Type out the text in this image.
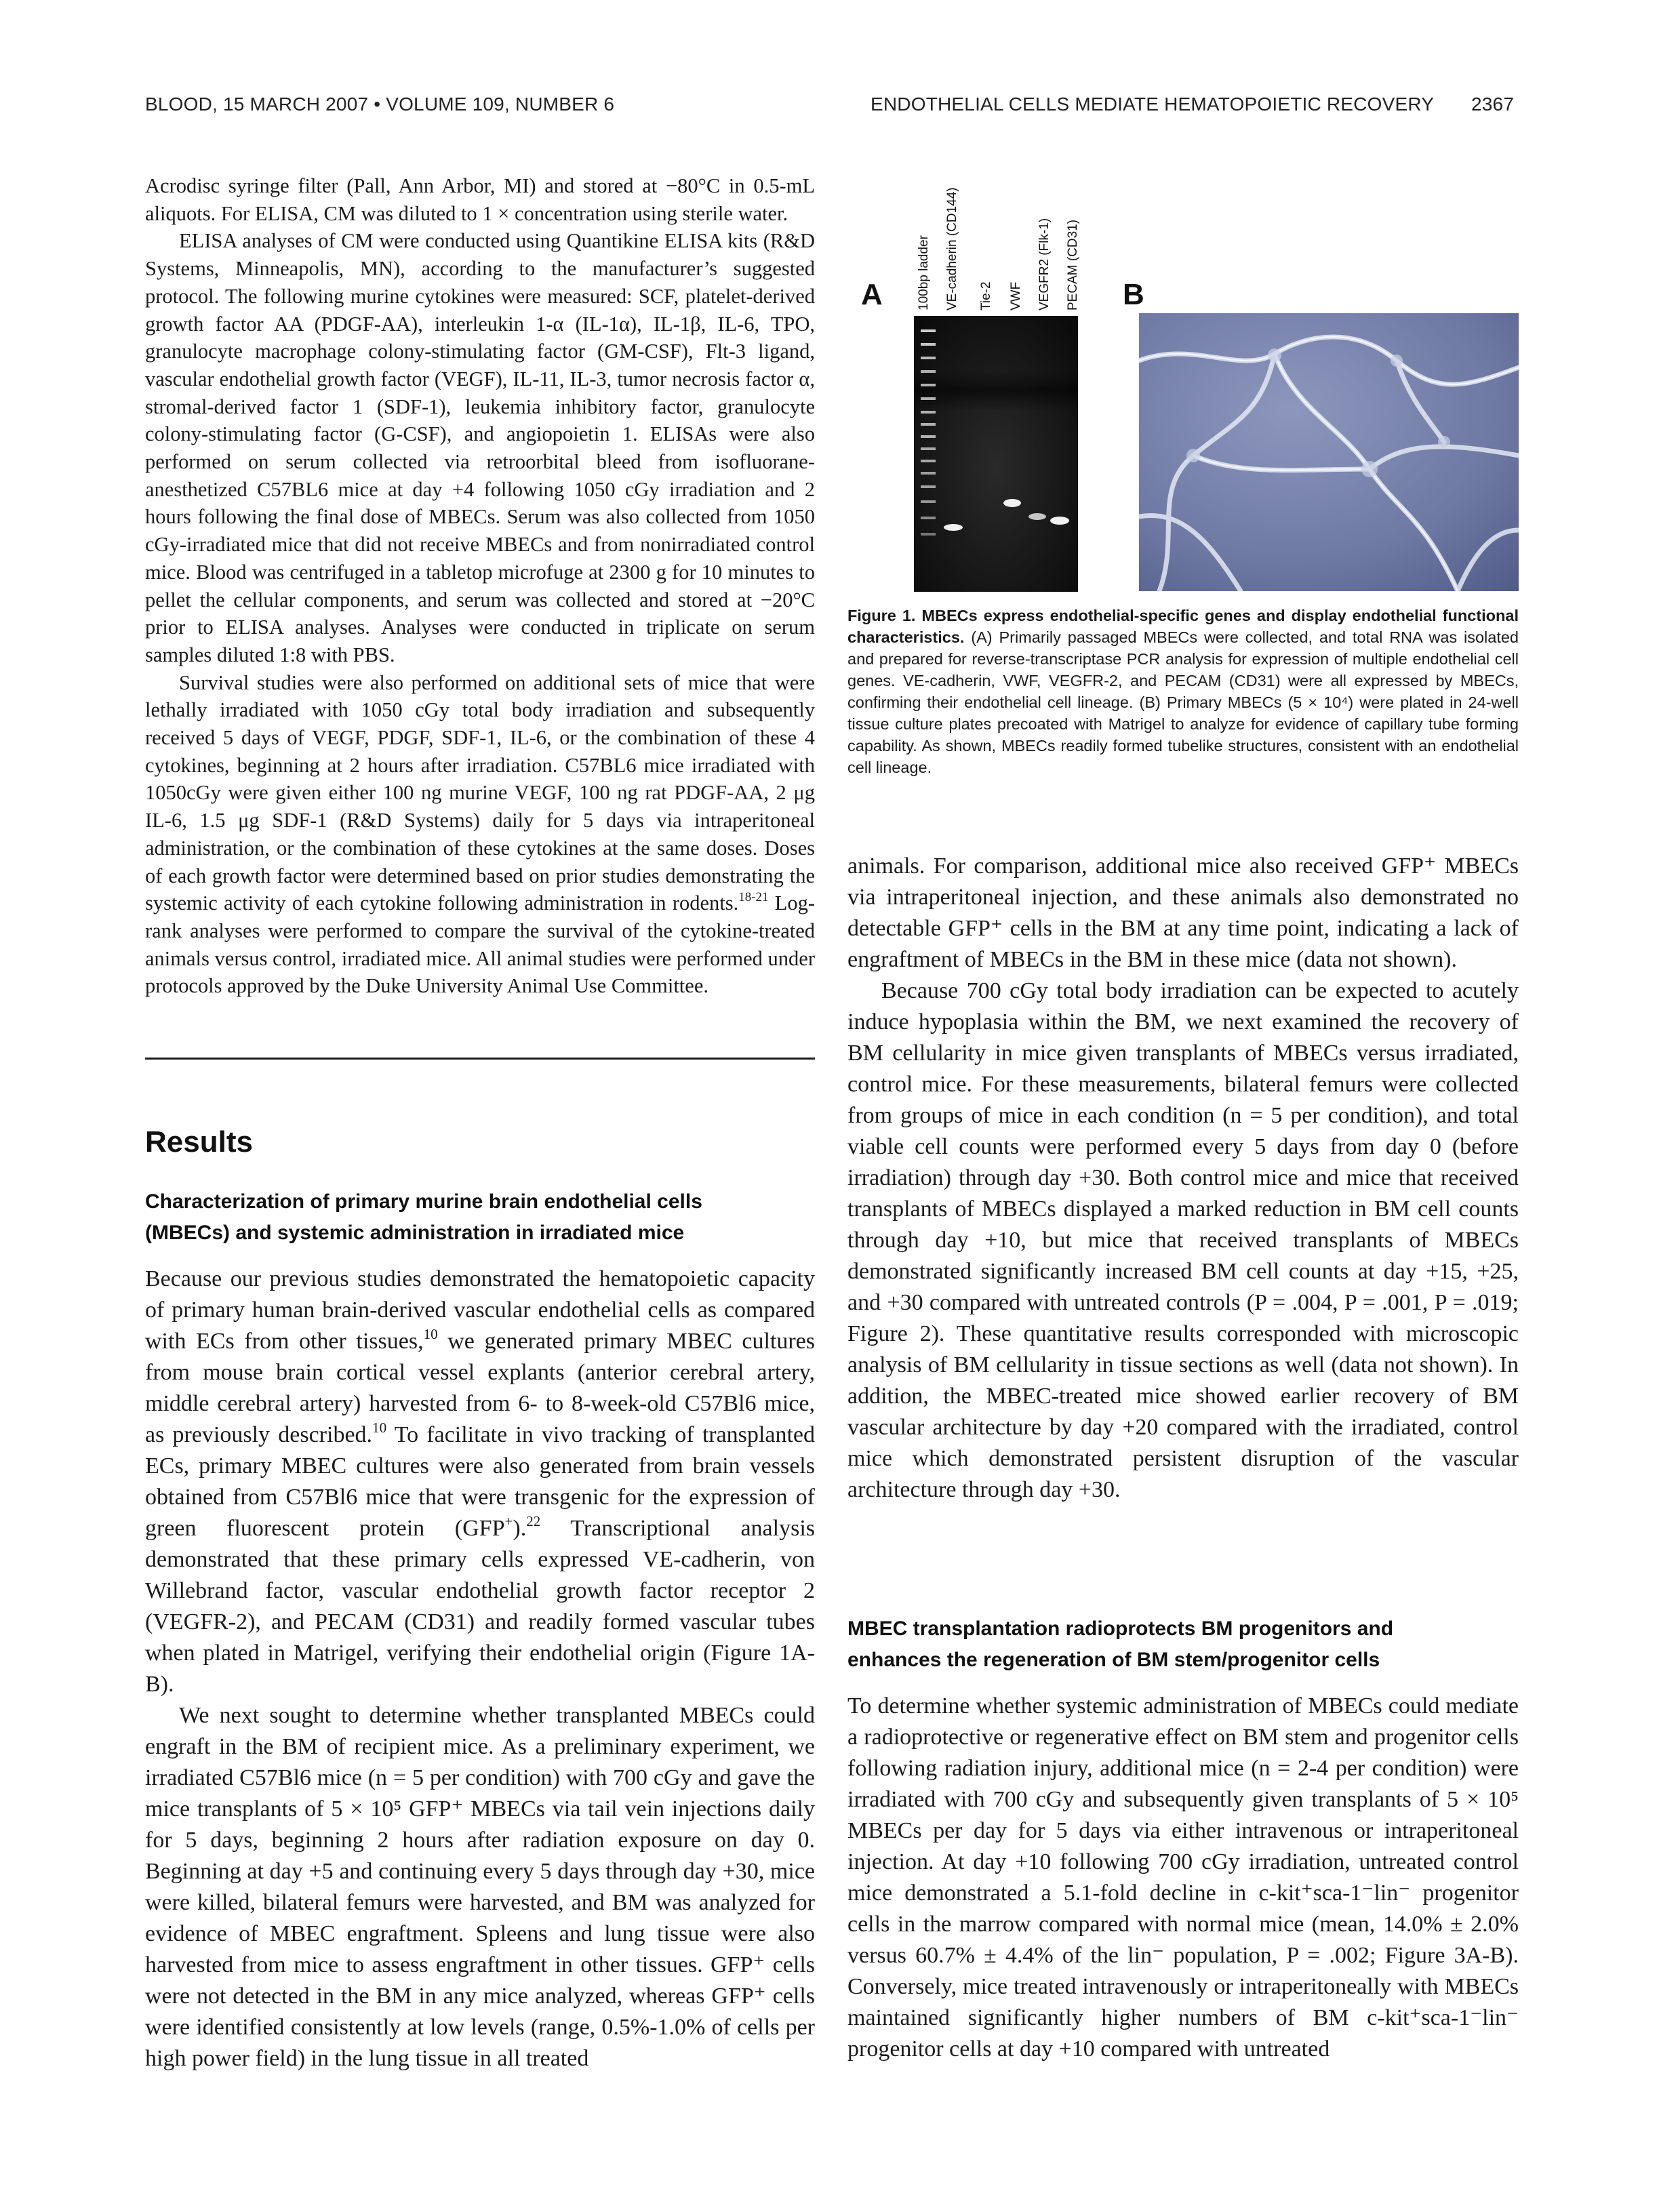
BLOOD, 15 MARCH 2007 • VOLUME 109, NUMBER 6	ENDOTHELIAL CELLS MEDIATE HEMATOPOIETIC RECOVERY 2367

Acrodisc syringe filter (Pall, Ann Arbor, MI) and stored at −80°C in 0.5-mL aliquots. For ELISA, CM was diluted to 1 × concentration using sterile water.

ELISA analyses of CM were conducted using Quantikine ELISA kits (R&D Systems, Minneapolis, MN), according to the manufacturer’s suggested protocol. The following murine cytokines were measured: SCF, platelet-derived growth factor AA (PDGF-AA), interleukin 1-α (IL-1α), IL-1β, IL-6, TPO, granulocyte macrophage colony-stimulating factor (GM-CSF), Flt-3 ligand, vascular endothelial growth factor (VEGF), IL-11, IL-3, tumor necrosis factor α, stromal-derived factor 1 (SDF-1), leukemia inhibitory factor, granulocyte colony-stimulating factor (G-CSF), and angiopoietin 1. ELISAs were also performed on serum collected via retroorbital bleed from isofluorane-anesthetized C57BL6 mice at day +4 following 1050 cGy irradiation and 2 hours following the final dose of MBECs. Serum was also collected from 1050 cGy-irradiated mice that did not receive MBECs and from nonirradiated control mice. Blood was centrifuged in a tabletop microfuge at 2300 g for 10 minutes to pellet the cellular components, and serum was collected and stored at −20°C prior to ELISA analyses. Analyses were conducted in triplicate on serum samples diluted 1:8 with PBS.

Survival studies were also performed on additional sets of mice that were lethally irradiated with 1050 cGy total body irradiation and subsequently received 5 days of VEGF, PDGF, SDF-1, IL-6, or the combination of these 4 cytokines, beginning at 2 hours after irradiation. C57BL6 mice irradiated with 1050cGy were given either 100 ng murine VEGF, 100 ng rat PDGF-AA, 2 μg IL-6, 1.5 μg SDF-1 (R&D Systems) daily for 5 days via intraperitoneal administration, or the combination of these cytokines at the same doses. Doses of each growth factor were determined based on prior studies demonstrating the systemic activity of each cytokine following administration in rodents.$^{18-21}$ Log-rank analyses were performed to compare the survival of the cytokine-treated animals versus control, irradiated mice. All animal studies were performed under protocols approved by the Duke University Animal Use Committee.

Results
Characterization of primary murine brain endothelial cells
(MBECs) and systemic administration in irradiated mice

Because our previous studies demonstrated the hematopoietic capacity of primary human brain-derived vascular endothelial cells as compared with ECs from other tissues,$^{10}$ we generated primary MBEC cultures from mouse brain cortical vessel explants (anterior cerebral artery, middle cerebral artery) harvested from 6- to 8-week-old C57Bl6 mice, as previously described.$^{10}$ To facilitate in vivo tracking of transplanted ECs, primary MBEC cultures were also generated from brain vessels obtained from C57Bl6 mice that were transgenic for the expression of green fluorescent protein (GFP+).$^{22}$ Transcriptional analysis demonstrated that these primary cells expressed VE-cadherin, von Willebrand factor, vascular endothelial growth factor receptor 2 (VEGFR-2), and PECAM (CD31) and readily formed vascular tubes when plated in Matrigel, verifying their endothelial origin (Figure 1A-B).

We next sought to determine whether transplanted MBECs could engraft in the BM of recipient mice. As a preliminary experiment, we irradiated C57Bl6 mice (n = 5 per condition) with 700 cGy and gave the mice transplants of 5 × 10⁵ GFP⁺ MBECs via tail vein injections daily for 5 days, beginning 2 hours after radiation exposure on day 0. Beginning at day +5 and continuing every 5 days through day +30, mice were killed, bilateral femurs were harvested, and BM was analyzed for evidence of MBEC engraftment. Spleens and lung tissue were also harvested from mice to assess engraftment in other tissues. GFP⁺ cells were not detected in the BM in any mice analyzed, whereas GFP⁺ cells were identified consistently at low levels (range, 0.5%-1.0% of cells per high power field) in the lung tissue in all treated

A	B
100bp ladder VE-cadherin (CD144) Tie-2 VWF VEGFR2 (Flk-1) PECAM (CD31)
Figure 1. MBECs express endothelial-specific genes and display endothelial functional characteristics. (A) Primarily passaged MBECs were collected, and total RNA was isolated and prepared for reverse-transcriptase PCR analysis for expression of multiple endothelial cell genes. VE-cadherin, VWF, VEGFR-2, and PECAM (CD31) were all expressed by MBECs, confirming their endothelial cell lineage. (B) Primary MBECs (5 × 10⁴) were plated in 24-well tissue culture plates precoated with Matrigel to analyze for evidence of capillary tube forming capability. As shown, MBECs readily formed tubelike structures, consistent with an endothelial cell lineage.

animals. For comparison, additional mice also received GFP⁺ MBECs via intraperitoneal injection, and these animals also demonstrated no detectable GFP⁺ cells in the BM at any time point, indicating a lack of engraftment of MBECs in the BM in these mice (data not shown).

Because 700 cGy total body irradiation can be expected to acutely induce hypoplasia within the BM, we next examined the recovery of BM cellularity in mice given transplants of MBECs versus irradiated, control mice. For these measurements, bilateral femurs were collected from groups of mice in each condition (n = 5 per condition), and total viable cell counts were performed every 5 days from day 0 (before irradiation) through day +30. Both control mice and mice that received transplants of MBECs displayed a marked reduction in BM cell counts through day +10, but mice that received transplants of MBECs demonstrated significantly increased BM cell counts at day +15, +25, and +30 compared with untreated controls (P = .004, P = .001, P = .019; Figure 2). These quantitative results corresponded with microscopic analysis of BM cellularity in tissue sections as well (data not shown). In addition, the MBEC-treated mice showed earlier recovery of BM vascular architecture by day +20 compared with the irradiated, control mice which demonstrated persistent disruption of the vascular architecture through day +30.

MBEC transplantation radioprotects BM progenitors and
enhances the regeneration of BM stem/progenitor cells

To determine whether systemic administration of MBECs could mediate a radioprotective or regenerative effect on BM stem and progenitor cells following radiation injury, additional mice (n = 2-4 per condition) were irradiated with 700 cGy and subsequently given transplants of 5 × 10⁵ MBECs per day for 5 days via either intravenous or intraperitoneal injection. At day +10 following 700 cGy irradiation, untreated control mice demonstrated a 5.1-fold decline in c-kit⁺sca-1⁻lin⁻ progenitor cells in the marrow compared with normal mice (mean, 14.0% ± 2.0% versus 60.7% ± 4.4% of the lin⁻ population, P = .002; Figure 3A-B). Conversely, mice treated intravenously or intraperitoneally with MBECs maintained significantly higher numbers of BM c-kit⁺sca-1⁻lin⁻ progenitor cells at day +10 compared with untreated
